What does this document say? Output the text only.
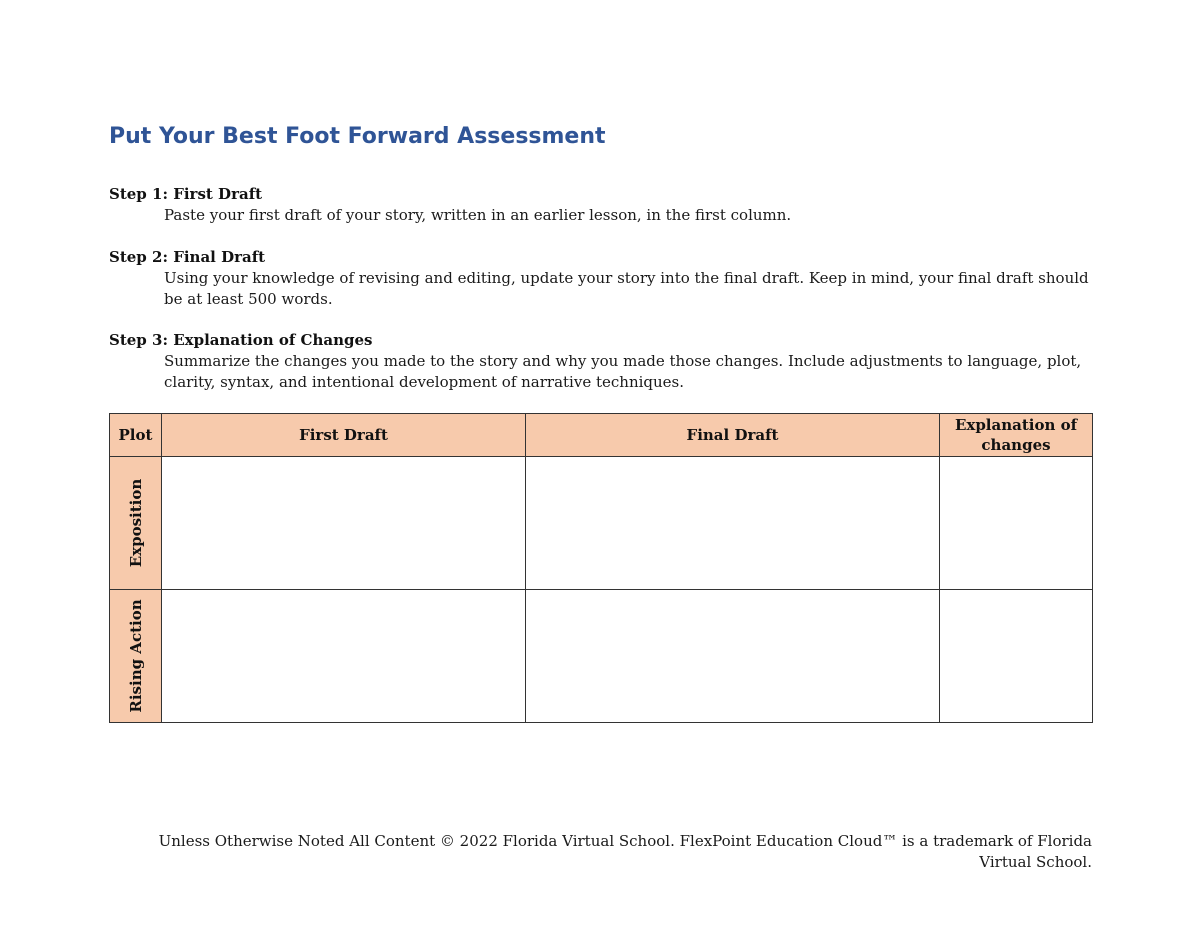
Put Your Best Foot Forward Assessment
Step 1: First Draft
Paste your first draft of your story, written in an earlier lesson, in the first column.
Step 2: Final Draft
Using your knowledge of revising and editing, update your story into the final draft. Keep in mind, your final draft should be at least 500 words.
Step 3: Explanation of Changes
Summarize the changes you made to the story and why you made those changes. Include adjustments to language, plot, clarity, syntax, and intentional development of narrative techniques.
Plot	First Draft	Final Draft	Explanation of changes

Exposition			

Rising Action			

Unless Otherwise Noted All Content © 2022 Florida Virtual School. FlexPoint Education Cloud™ is a trademark of Florida Virtual School.
